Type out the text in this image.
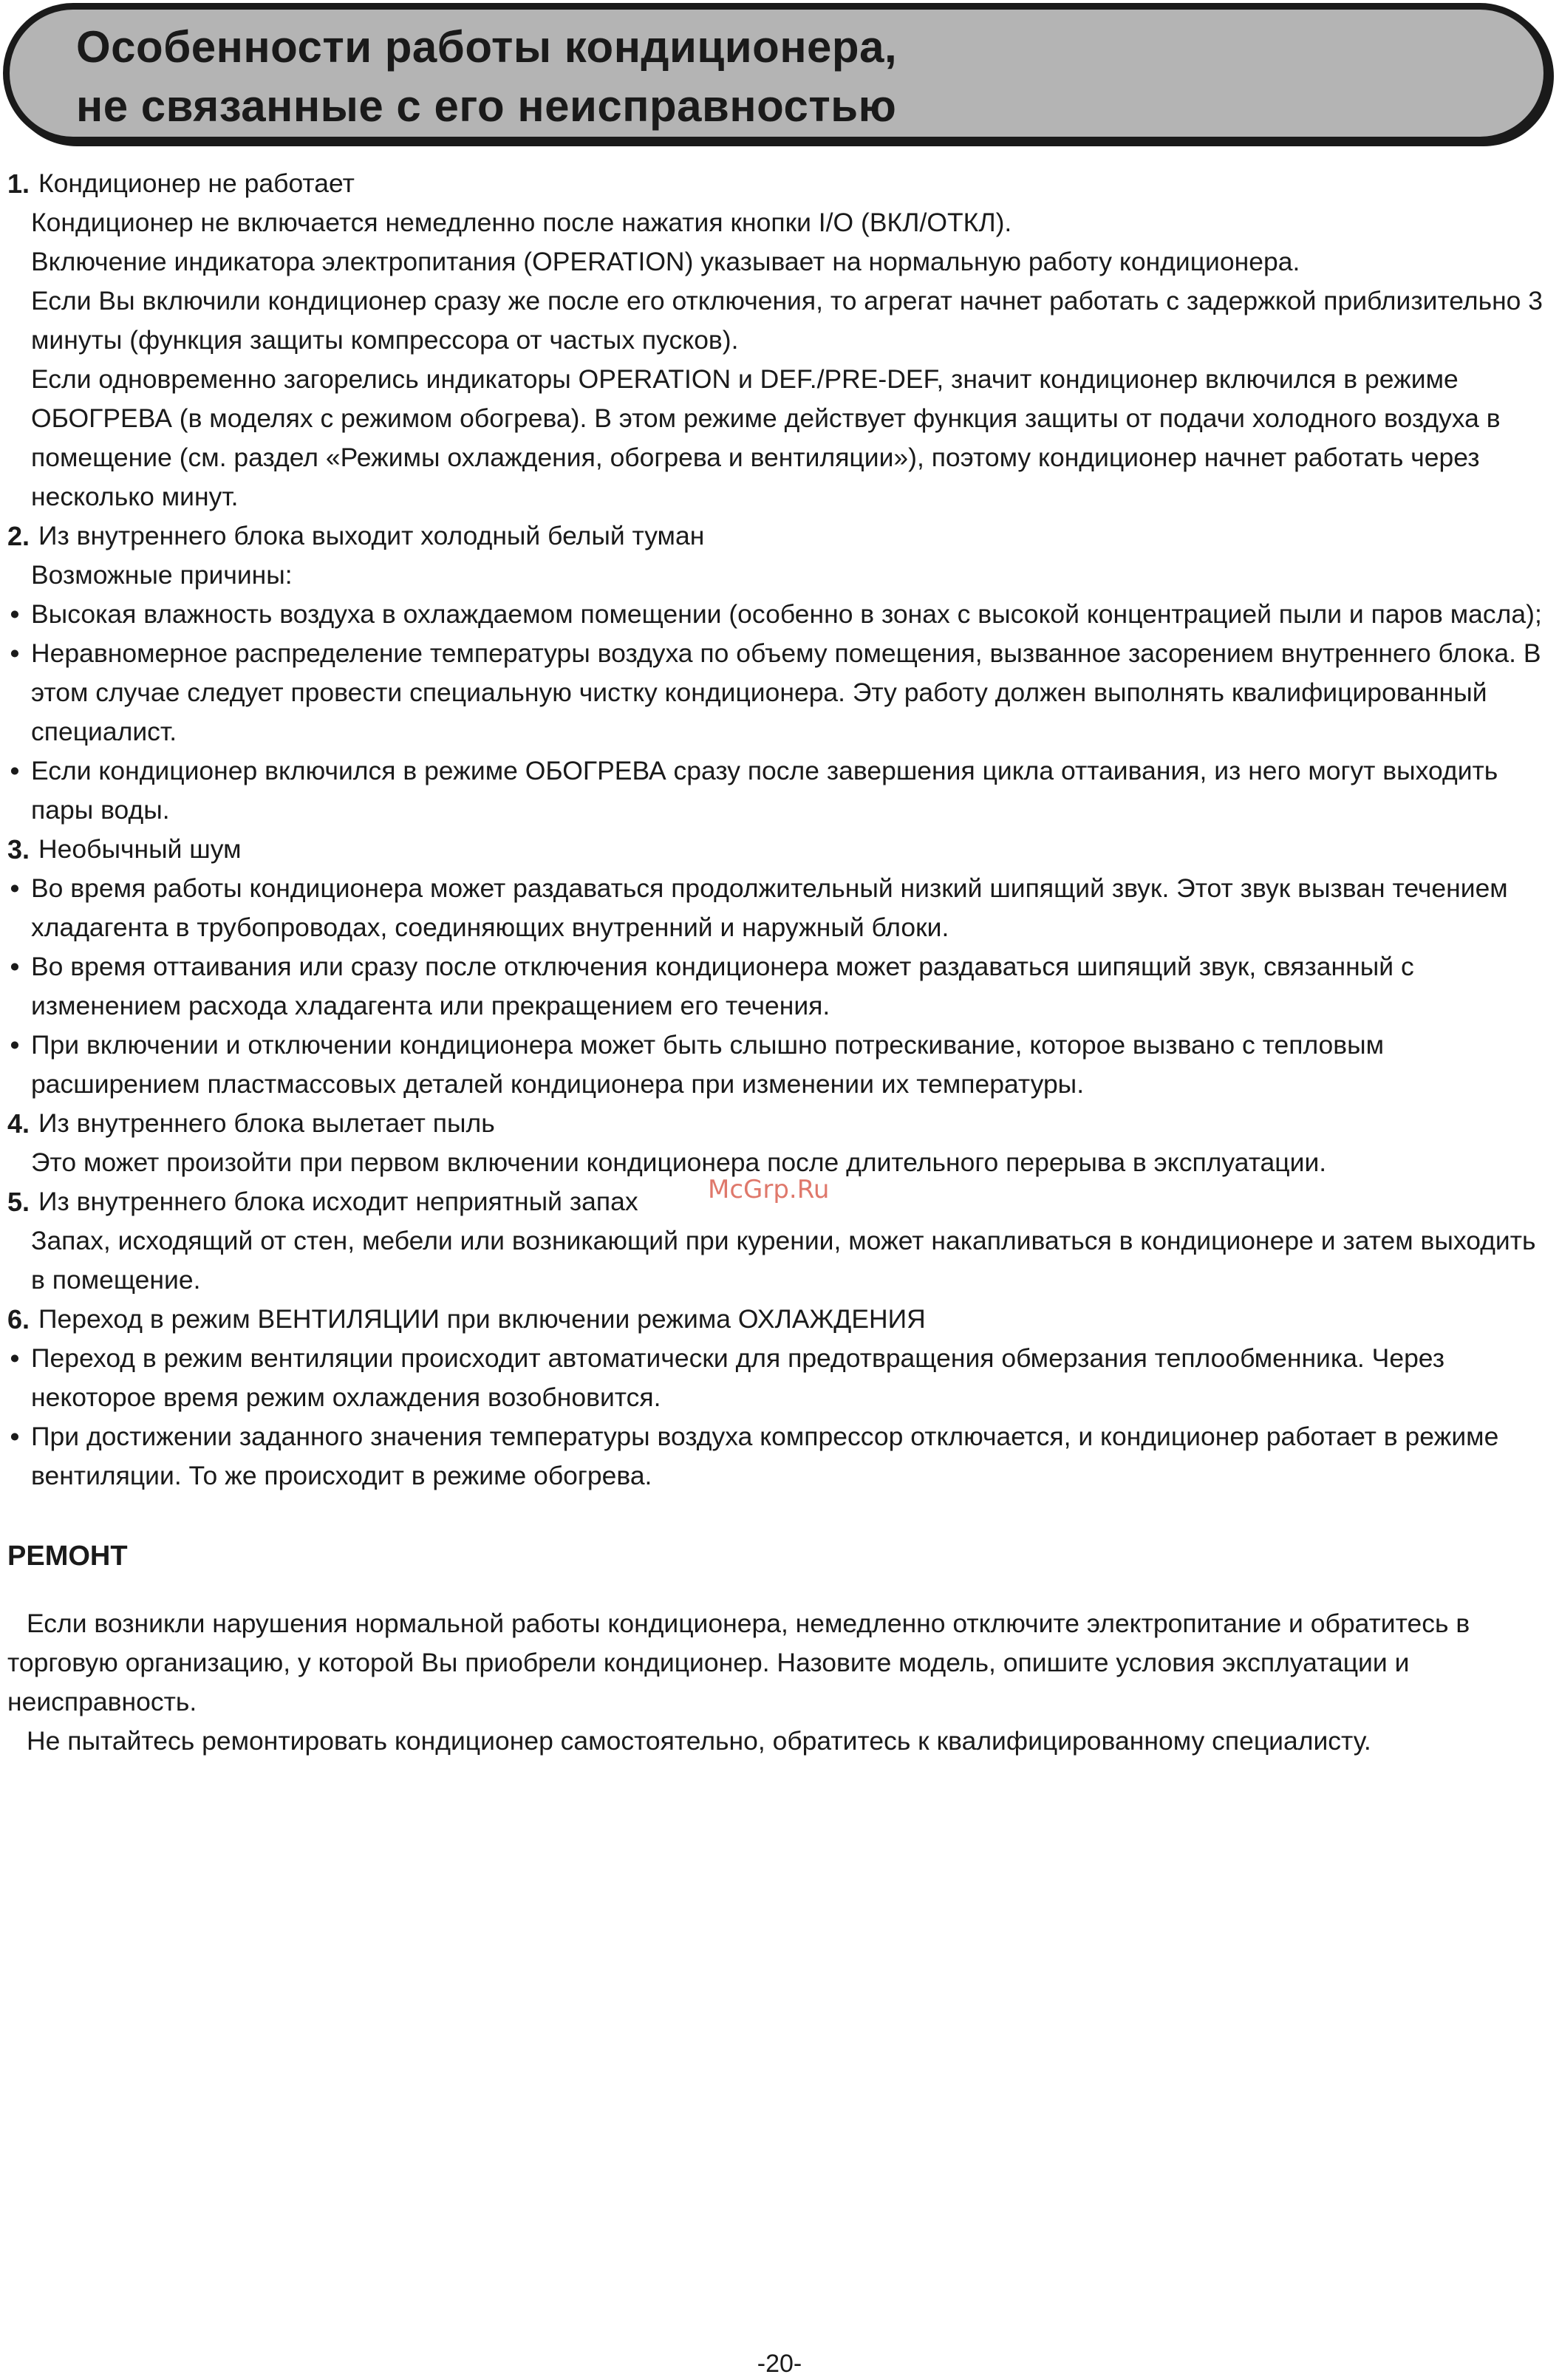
Особенности работы кондиционера,
не связанные с его неисправностью
1. Кондиционер не работает
Кондиционер не включается немедленно после нажатия кнопки I/O (ВКЛ/ОТКЛ).
Включение индикатора электропитания (OPERATION) указывает на нормальную работу кондиционера.
Если Вы включили кондиционер сразу же после его отключения, то агрегат начнет работать с задержкой приблизительно 3 минуты (функция защиты компрессора от частых пусков).
Если одновременно загорелись индикаторы OPERATION и DEF./PRE-DEF, значит кондиционер включился в режиме ОБОГРЕВА (в моделях с режимом обогрева). В этом режиме действует функция защиты от подачи холодного воздуха в помещение (см. раздел «Режимы охлаждения, обогрева и вентиляции»), поэтому кондиционер начнет работать через несколько минут.
2. Из внутреннего блока выходит холодный белый туман
Возможные причины:
• Высокая влажность воздуха в охлаждаемом помещении (особенно в зонах с высокой концентрацией пыли и паров масла);
• Неравномерное распределение температуры воздуха по объему помещения, вызванное засорением внутреннего блока. В этом случае следует провести специальную чистку кондиционера. Эту работу должен выполнять квалифицированный специалист.
• Если кондиционер включился в режиме ОБОГРЕВА сразу после завершения цикла оттаивания, из него могут выходить пары воды.
3. Необычный шум
• Во время работы кондиционера может раздаваться продолжительный низкий шипящий звук. Этот звук вызван течением хладагента в трубопроводах, соединяющих внутренний и наружный блоки.
• Во время оттаивания или сразу после отключения кондиционера может раздаваться шипящий звук, связанный с изменением расхода хладагента или прекращением его течения.
• При включении и отключении кондиционера может быть слышно потрескивание, которое вызвано с тепловым расширением пластмассовых деталей кондиционера при изменении их температуры.
4. Из внутреннего блока вылетает пыль
Это может произойти при первом включении кондиционера после длительного перерыва в эксплуатации.
5. Из внутреннего блока исходит неприятный запах
Запах, исходящий от стен, мебели или возникающий при курении, может накапливаться в кондиционере и затем выходить в помещение.
6. Переход в режим ВЕНТИЛЯЦИИ при включении режима ОХЛАЖДЕНИЯ
• Переход в режим вентиляции происходит автоматически для предотвращения обмерзания теплообменника. Через некоторое время режим охлаждения возобновится.
• При достижении заданного значения температуры воздуха компрессор отключается, и кондиционер работает в режиме вентиляции. То же происходит в режиме обогрева.
РЕМОНТ
Если возникли нарушения нормальной работы кондиционера, немедленно отключите электропитание и обратитесь в торговую организацию, у которой Вы приобрели кондиционер. Назовите модель, опишите условия эксплуатации и неисправность.
Не пытайтесь ремонтировать кондиционер самостоятельно, обратитесь к квалифицированному специалисту.
McGrp.Ru
-20-
